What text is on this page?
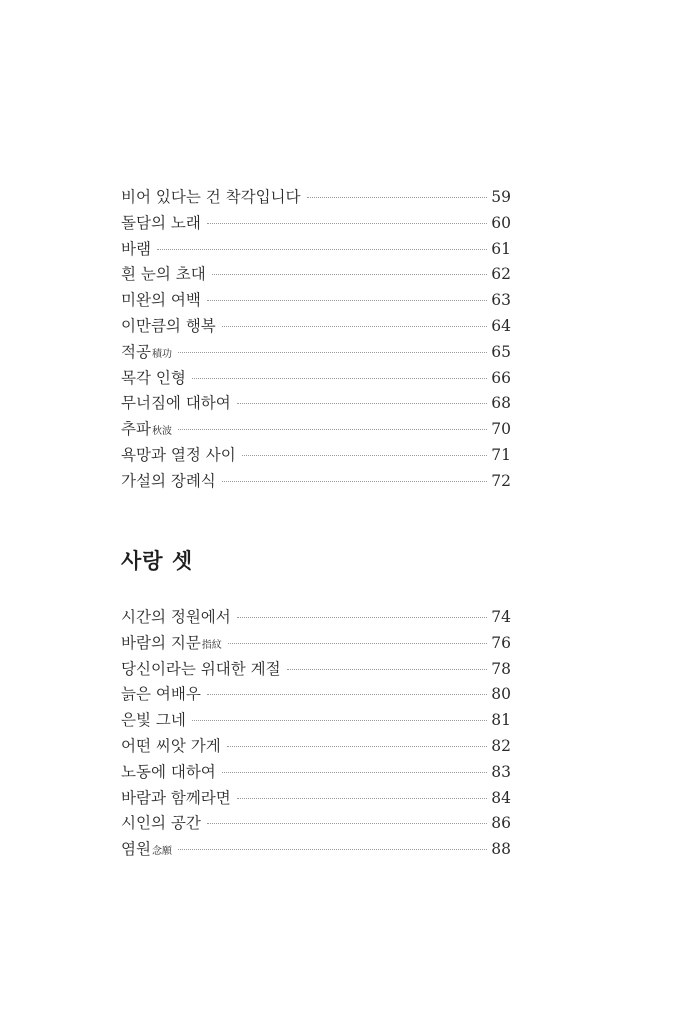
비어 있다는 건 착각입니다	59
돌담의 노래	60
바램	61
흰 눈의 초대	62
미완의 여백	63
이만큼의 행복	64
적공積功	65
목각 인형	66
무너짐에 대하여	68
추파秋波	70
욕망과 열정 사이	71
가설의 장례식	72
사랑 셋
시간의 정원에서	74
바람의 지문指紋	76
당신이라는 위대한 계절	78
늙은 여배우	80
은빛 그네	81
어떤 씨앗 가게	82
노동에 대하여	83
바람과 함께라면	84
시인의 공간	86
염원念願	88
